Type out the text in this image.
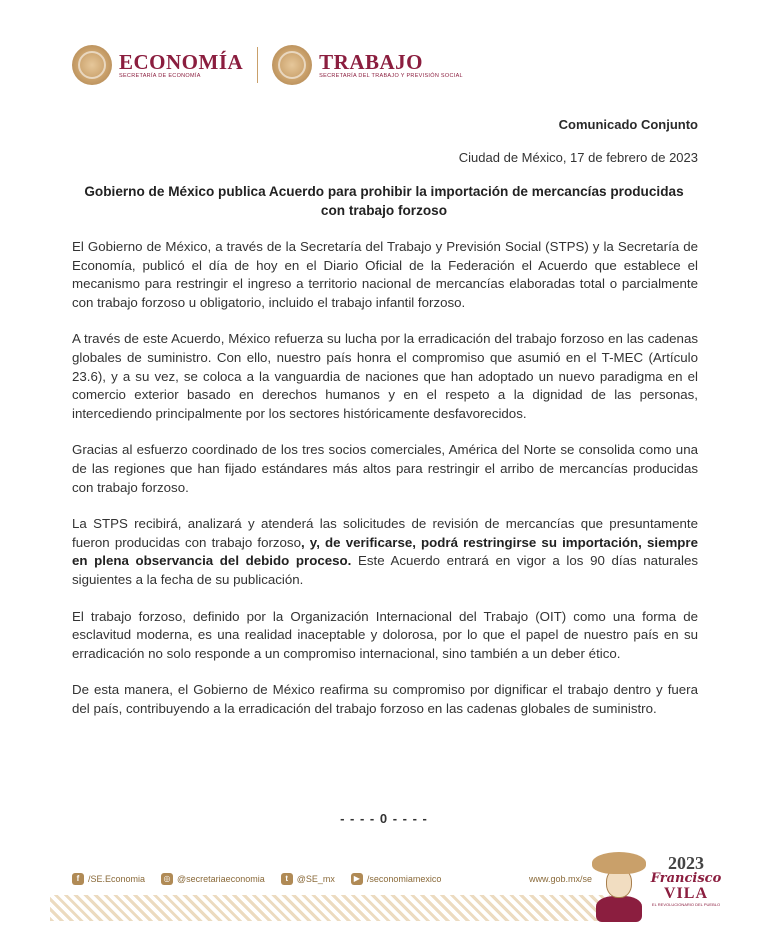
ECONOMÍA
SECRETARÍA DE ECONOMÍA
TRABAJO
SECRETARÍA DEL TRABAJO Y PREVISIÓN SOCIAL
Comunicado Conjunto
Ciudad de México, 17 de febrero de 2023
Gobierno de México publica Acuerdo para prohibir la importación de mercancías producidas con trabajo forzoso

El Gobierno de México, a través de la Secretaría del Trabajo y Previsión Social (STPS) y la Secretaría de Economía, publicó el día de hoy en el Diario Oficial de la Federación el Acuerdo que establece el mecanismo para restringir el ingreso a territorio nacional de mercancías elaboradas total o parcialmente con trabajo forzoso u obligatorio, incluido el trabajo infantil forzoso.

A través de este Acuerdo, México refuerza su lucha por la erradicación del trabajo forzoso en las cadenas globales de suministro. Con ello, nuestro país honra el compromiso que asumió en el T-MEC (Artículo 23.6), y a su vez, se coloca a la vanguardia de naciones que han adoptado un nuevo paradigma en el comercio exterior basado en derechos humanos y en el respeto a la dignidad de las personas, intercediendo principalmente por los sectores históricamente desfavorecidos.

Gracias al esfuerzo coordinado de los tres socios comerciales, América del Norte se consolida como una de las regiones que han fijado estándares más altos para restringir el arribo de mercancías producidas con trabajo forzoso.

La STPS recibirá, analizará y atenderá las solicitudes de revisión de mercancías que presuntamente fueron producidas con trabajo forzoso, y, de verificarse, podrá restringirse su importación, siempre en plena observancia del debido proceso. Este Acuerdo entrará en vigor a los 90 días naturales siguientes a la fecha de su publicación.

El trabajo forzoso, definido por la Organización Internacional del Trabajo (OIT) como una forma de esclavitud moderna, es una realidad inaceptable y dolorosa, por lo que el papel de nuestro país en su erradicación no solo responde a un compromiso internacional, sino también a un deber ético.

De esta manera, el Gobierno de México reafirma su compromiso por dignificar el trabajo dentro y fuera del país, contribuyendo a la erradicación del trabajo forzoso en las cadenas globales de suministro.

- - - - 0 - - - -
f /SE.Economia	◎ @secretariaeconomia	t @SE_mx	▶ /seconomiamexico	www.gob.mx/se
2023
Francisco
VILA
EL REVOLUCIONARIO DEL PUEBLO
